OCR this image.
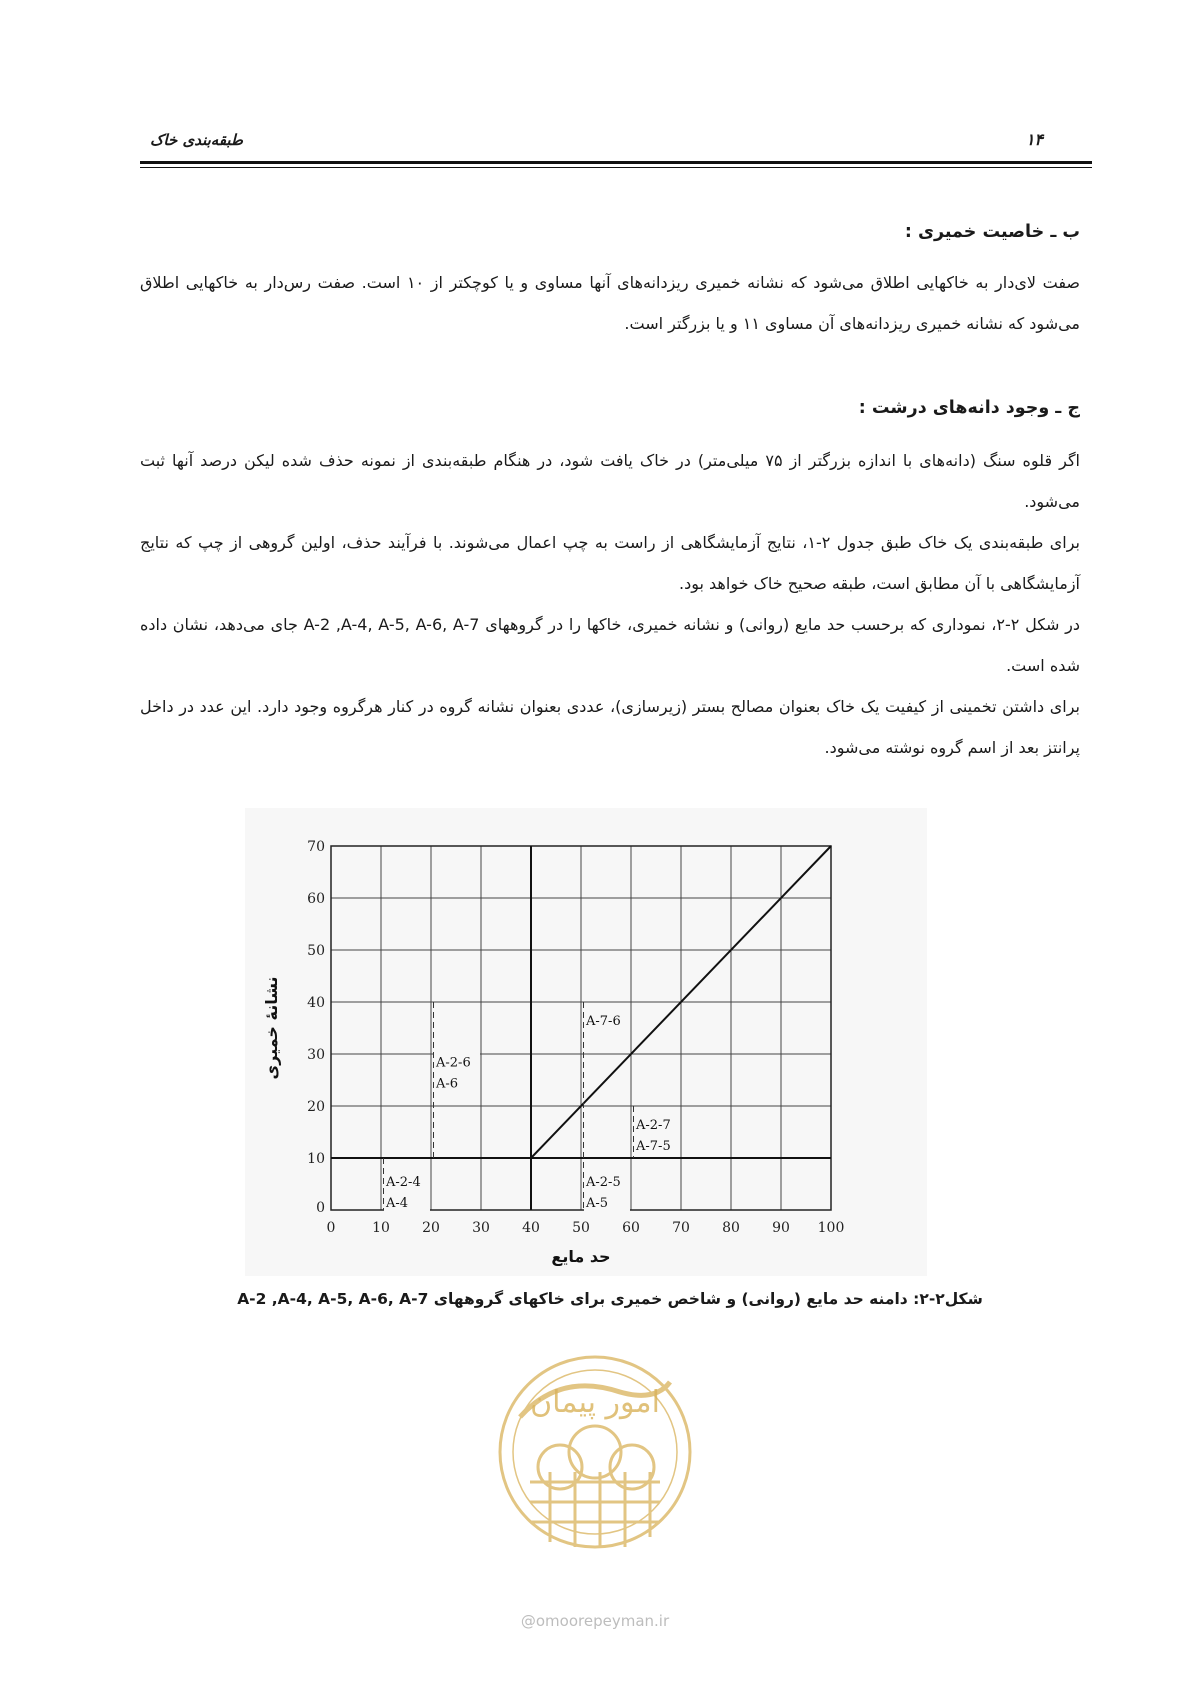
طبقه‌بندی خاک	۱۴

ب ـ خاصیت خمیری :

صفت لای‌دار به خاکهایی اطلاق می‌شود که نشانه خمیری ریزدانه‌های آنها مساوی و یا کوچکتر از ۱۰ است. صفت رس‌دار به خاکهایی اطلاق می‌شود که نشانه خمیری ریزدانه‌های آن مساوی ۱۱ و یا بزرگتر است.

ج ـ وجود دانه‌های درشت :

اگر قلوه سنگ (دانه‌های با اندازه بزرگتر از ۷۵ میلی‌متر) در خاک یافت شود، در هنگام طبقه‌بندی از نمونه حذف شده لیکن درصد آنها ثبت می‌شود.

برای طبقه‌بندی یک خاک طبق جدول ۲-۱، نتایج آزمایشگاهی از راست به چپ اعمال می‌شوند. با فرآیند حذف، اولین گروهی از چپ که نتایج آزمایشگاهی با آن مطابق است، طبقه صحیح خاک خواهد بود.

در شکل ۲-۲، نموداری که برحسب حد مایع (روانی) و نشانه خمیری، خاکها را در گروههای A-2 ,A-4, A-5, A-6, A-7 جای می‌دهد، نشان داده شده است.

برای داشتن تخمینی از کیفیت یک خاک بعنوان مصالح بستر (زیرسازی)، عددی بعنوان نشانه گروه در کنار هرگروه وجود دارد. این عدد در داخل پرانتز بعد از اسم گروه نوشته می‌شود.

0	10 20 30 40 50 60 70 80 90 100
0
10
20
30
40
50
60
70
A-2-4
A-4
A-2-6
A-6
A-2-5
A-5
A-7-6
A-2-7
A-7-5
حد مایع
نشانهٔ خمیری
شکل۲-۲: دامنه حد مایع (روانی) و شاخص خمیری برای خاکهای گروههای A-2 ,A-4, A-5, A-6, A-7
امور پیمان
@omoorepeyman.ir
